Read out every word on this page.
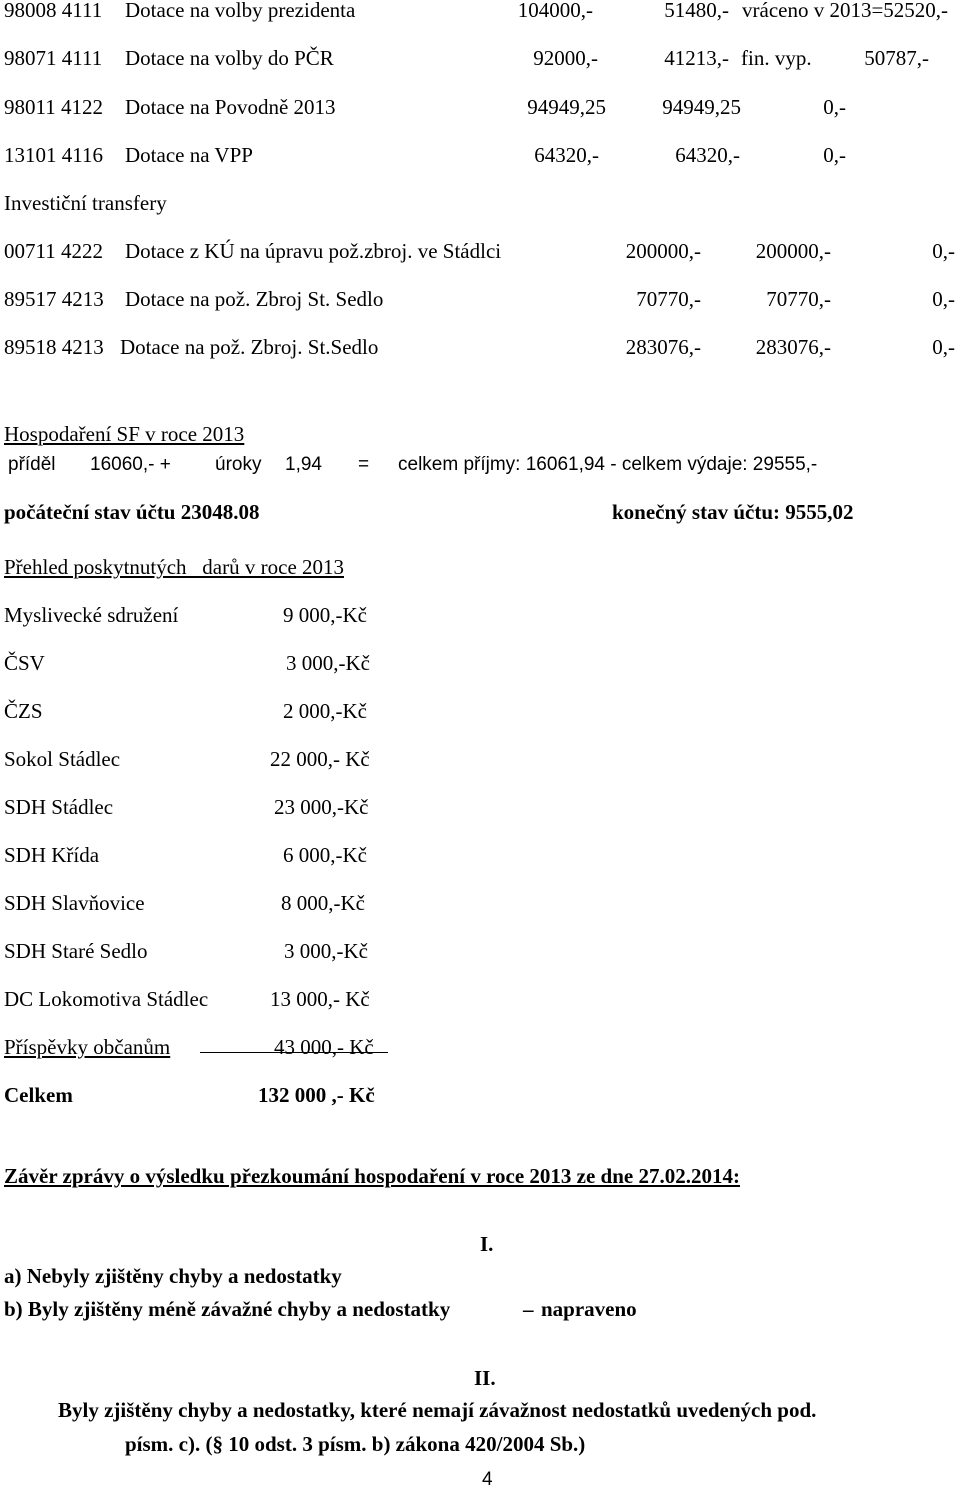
98008 4111 Dotace na volby prezidenta	104000,-	51480,- vráceno v 2013=52520,-
98071 4111 Dotace na volby do PČR	92000,-	41213,- fin. vyp.	50787,-
98011 4122 Dotace na Povodně 2013	94949,25	94949,25	0,-
13101 4116 Dotace na VPP	64320,-	64320,-	0,-
Investiční transfery
00711 4222 Dotace z KÚ na úpravu pož.zbroj. ve Stádlci	200000,-	200000,-	0,-
89517 4213 Dotace na pož. Zbroj St. Sedlo	70770,-	70770,-	0,-
89518 4213 Dotace na pož. Zbroj. St.Sedlo	283076,-	283076,-	0,-
Hospodaření SF v roce 2013
příděl 16060,- + úroky 1,94 = celkem příjmy: 16061,94 - celkem výdaje: 29555,-
počáteční stav účtu 23048.08	konečný stav účtu: 9555,02
Přehled poskytnutých   darů v roce 2013
Myslivecké sdružení	9 000,-Kč
ČSV	3 000,-Kč
ČZS	2 000,-Kč
Sokol Stádlec	22 000,- Kč
SDH Stádlec	23 000,-Kč
SDH Křída	6 000,-Kč
SDH Slavňovice	8 000,-Kč
SDH Staré Sedlo	3 000,-Kč
DC Lokomotiva Stádlec	13 000,- Kč
Příspěvky občanům	43 000,- Kč
Celkem	132 000 ,- Kč
Závěr zprávy o výsledku přezkoumání hospodaření v roce 2013 ze dne 27.02.2014:
I.
a) Nebyly zjištěny chyby a nedostatky
b) Byly zjištěny méně závažné chyby a nedostatky	– napraveno
II.
Byly zjištěny chyby a nedostatky, které nemají závažnost nedostatků uvedených pod.
písm. c). (§ 10 odst. 3 písm. b) zákona 420/2004 Sb.)
4
